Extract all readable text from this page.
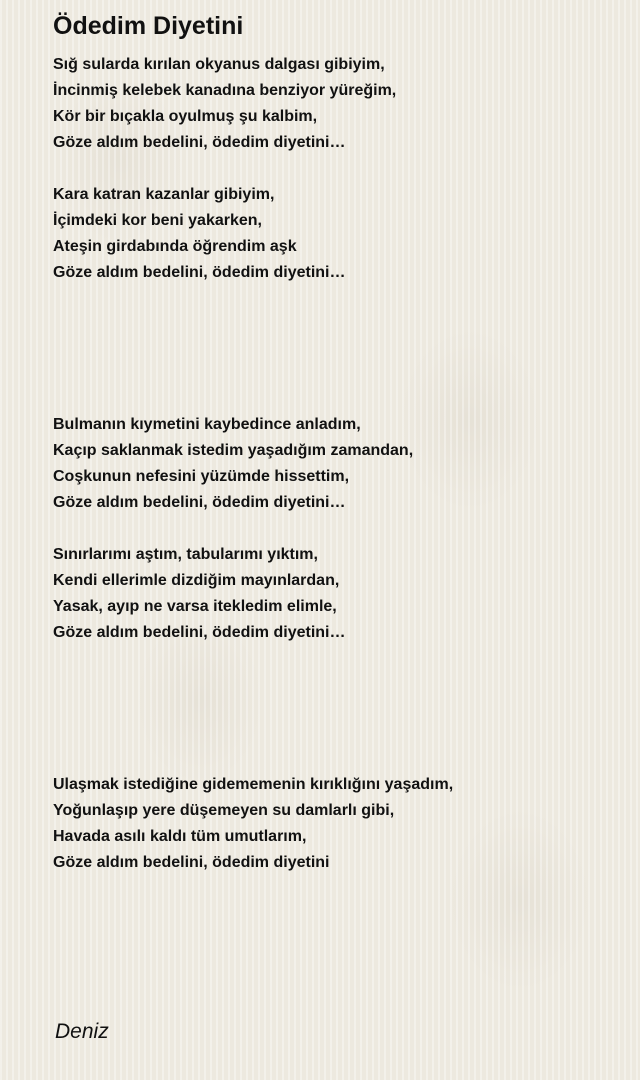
Ödedim Diyetini
Sığ sularda kırılan okyanus dalgası gibiyim,
İncinmiş kelebek kanadına benziyor yüreğim,
Kör bir bıçakla oyulmuş şu kalbim,
Göze aldım bedelini, ödedim diyetini…
Kara katran kazanlar gibiyim,
İçimdeki kor beni yakarken,
Ateşin girdabında öğrendim aşk
Göze aldım bedelini, ödedim diyetini…
Bulmanın kıymetini kaybedince anladım,
Kaçıp saklanmak istedim yaşadığım zamandan,
Coşkunun nefesini yüzümde hissettim,
Göze aldım bedelini, ödedim diyetini…
Sınırlarımı aştım, tabularımı yıktım,
Kendi ellerimle dizdiğim mayınlardan,
Yasak, ayıp ne varsa itekledim elimle,
Göze aldım bedelini, ödedim diyetini…
Ulaşmak istediğine gidememenin kırıklığını yaşadım,
Yoğunlaşıp yere düşemeyen su damlarlı gibi,
Havada asılı kaldı tüm umutlarım,
Göze aldım bedelini, ödedim diyetini
Deniz
